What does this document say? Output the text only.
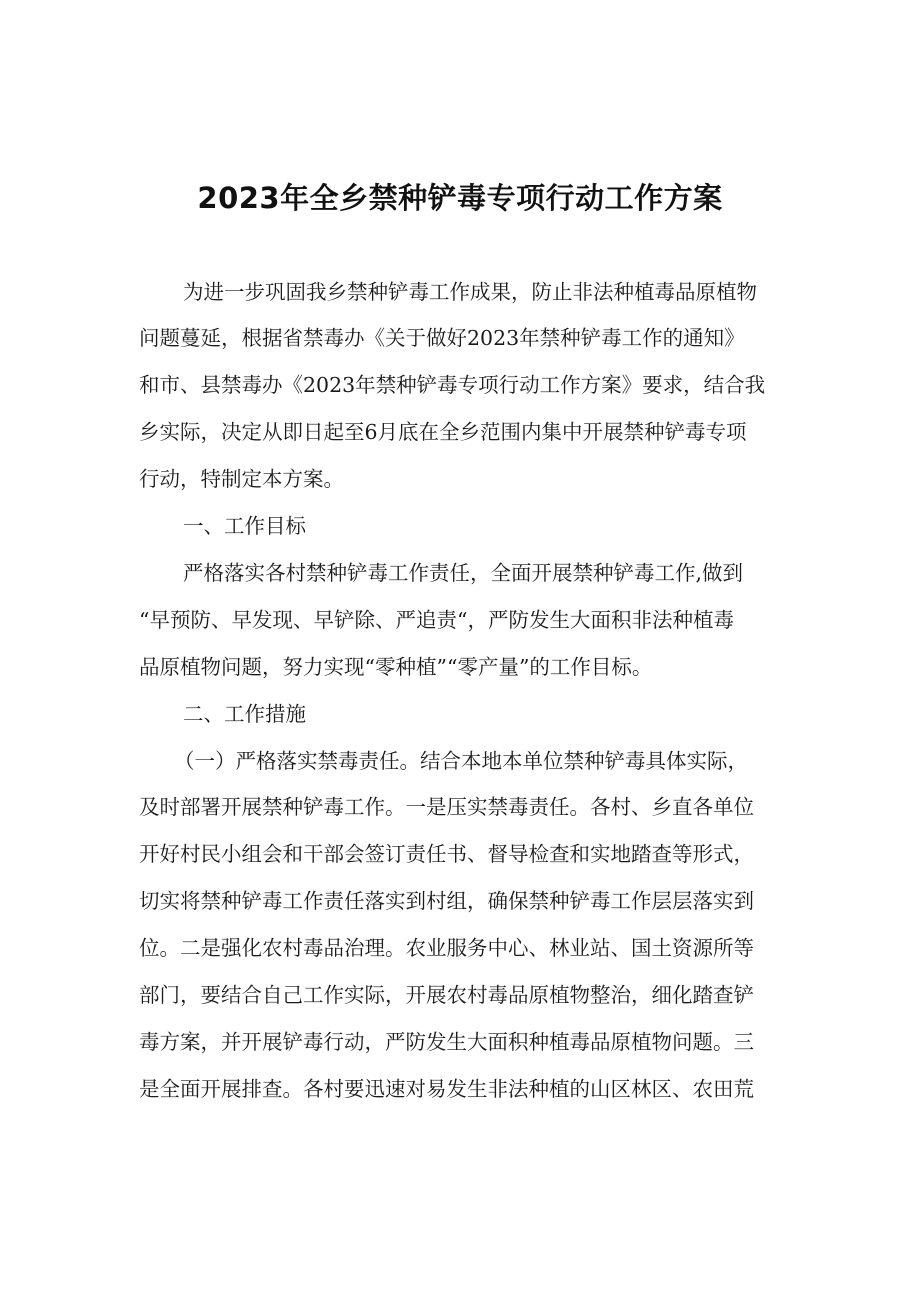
2023年全乡禁种铲毒专项行动工作方案
为进一步巩固我乡禁种铲毒工作成果，防止非法种植毒品原植物
问题蔓延，根据省禁毒办《关于做好2023年禁种铲毒工作的通知》
和市、县禁毒办《2023年禁种铲毒专项行动工作方案》要求，结合我
乡实际，决定从即日起至6月底在全乡范围内集中开展禁种铲毒专项
行动，特制定本方案。
一、工作目标
严格落实各村禁种铲毒工作责任，全面开展禁种铲毒工作,做到
“早预防、早发现、早铲除、严追责“，严防发生大面积非法种植毒
品原植物问题，努力实现“零种植”“零产量”的工作目标。
二、工作措施
（一）严格落实禁毒责任。结合本地本单位禁种铲毒具体实际，
及时部署开展禁种铲毒工作。一是压实禁毒责任。各村、乡直各单位
开好村民小组会和干部会签订责任书、督导检查和实地踏查等形式，
切实将禁种铲毒工作责任落实到村组，确保禁种铲毒工作层层落实到
位。二是强化农村毒品治理。农业服务中心、林业站、国土资源所等
部门，要结合自己工作实际，开展农村毒品原植物整治，细化踏查铲
毒方案，并开展铲毒行动，严防发生大面积种植毒品原植物问题。三
是全面开展排查。各村要迅速对易发生非法种植的山区林区、农田荒
